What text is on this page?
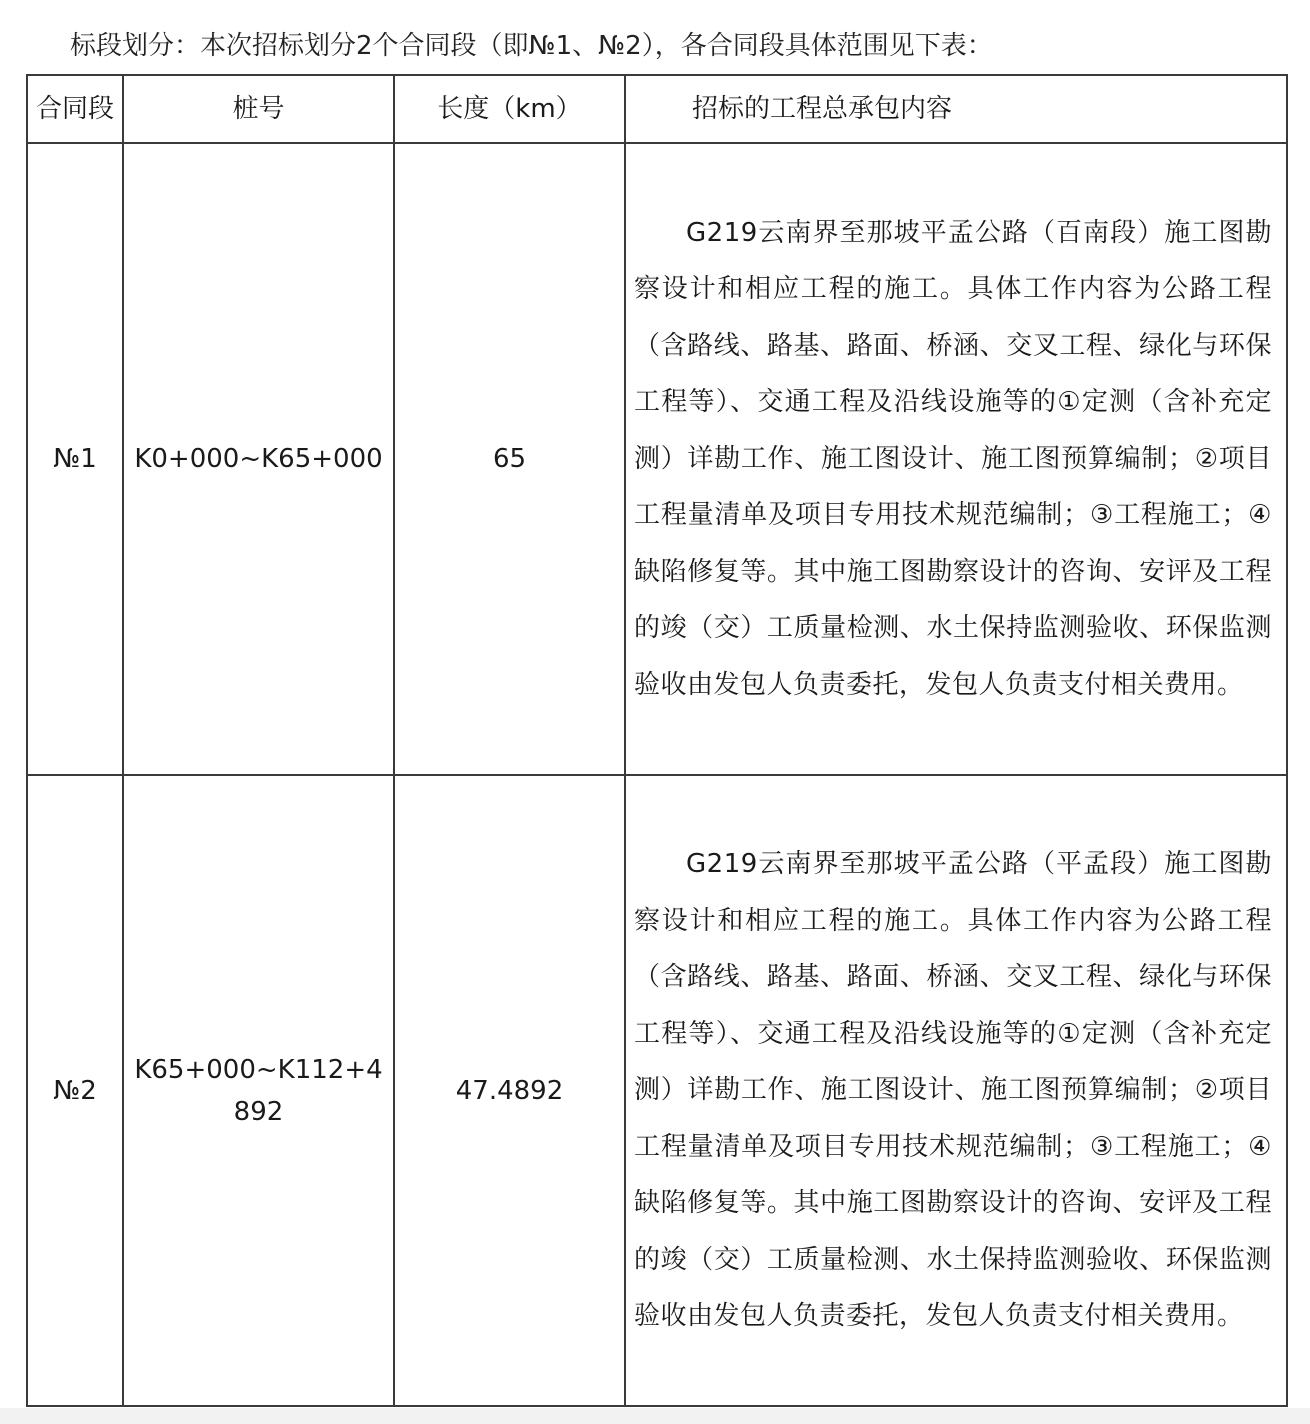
标段划分：本次招标划分2个合同段（即№1、№2），各合同段具体范围见下表：
合同段	桩号	长度（km）	招标的工程总承包内容
№1	K0+000~K65+000	65	G219云南界至那坡平孟公路（百南段）施工图勘察设计和相应工程的施工。具体工作内容为公路工程（含路线、路基、路面、桥涵、交叉工程、绿化与环保工程等）、交通工程及沿线设施等的①定测（含补充定测）详勘工作、施工图设计、施工图预算编制；②项目工程量清单及项目专用技术规范编制；③工程施工；④缺陷修复等。其中施工图勘察设计的咨询、安评及工程的竣（交）工质量检测、水土保持监测验收、环保监测验收由发包人负责委托，发包人负责支付相关费用。

№2	K65+000~K112+4892	47.4892	G219云南界至那坡平孟公路（平孟段）施工图勘察设计和相应工程的施工。具体工作内容为公路工程（含路线、路基、路面、桥涵、交叉工程、绿化与环保工程等）、交通工程及沿线设施等的①定测（含补充定测）详勘工作、施工图设计、施工图预算编制；②项目工程量清单及项目专用技术规范编制；③工程施工；④缺陷修复等。其中施工图勘察设计的咨询、安评及工程的竣（交）工质量检测、水土保持监测验收、环保监测验收由发包人负责委托，发包人负责支付相关费用。
